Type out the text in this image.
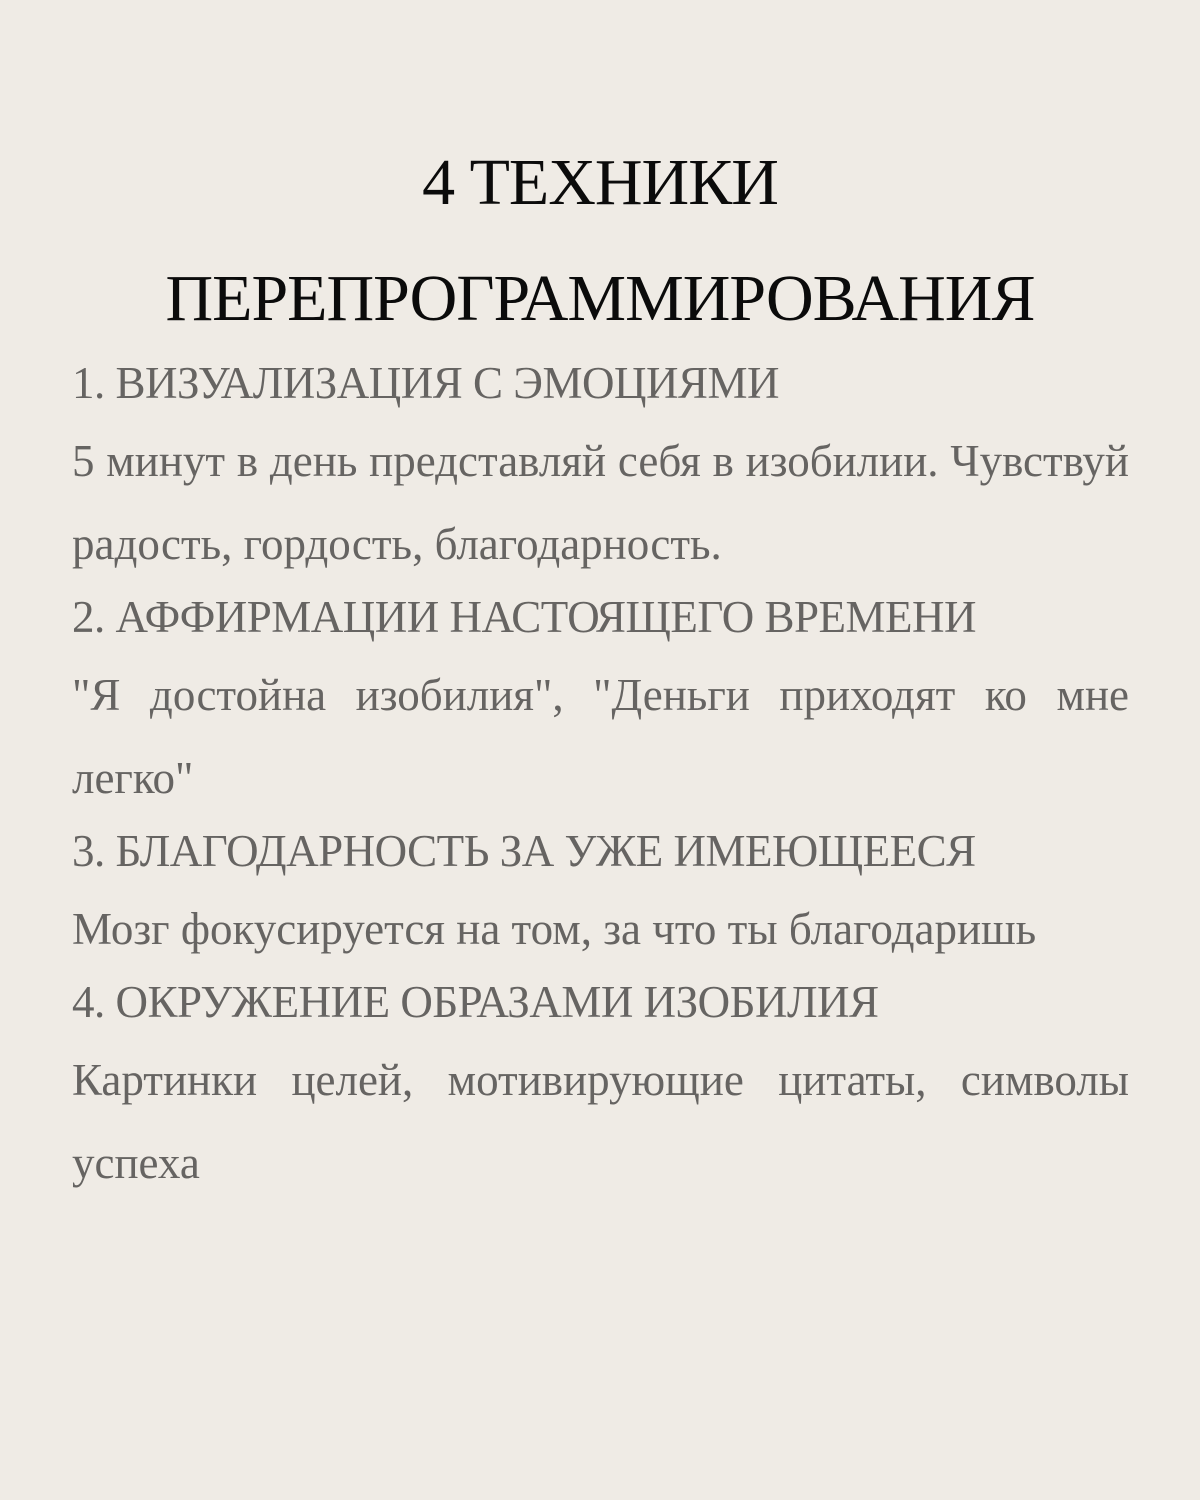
4 ТЕХНИКИ
ПЕРЕПРОГРАММИРОВАНИЯ
1. ВИЗУАЛИЗАЦИЯ С ЭМОЦИЯМИ

5 минут в день представляй себя в изобилии. Чувствуй радость, гордость, благодарность.

2. АФФИРМАЦИИ НАСТОЯЩЕГО ВРЕМЕНИ

"Я достойна изобилия", "Деньги приходят ко мне легко"

3. БЛАГОДАРНОСТЬ ЗА УЖЕ ИМЕЮЩЕЕСЯ

Мозг фокусируется на том, за что ты благодаришь

4. ОКРУЖЕНИЕ ОБРАЗАМИ ИЗОБИЛИЯ

Картинки целей, мотивирующие цитаты, символы успеха
